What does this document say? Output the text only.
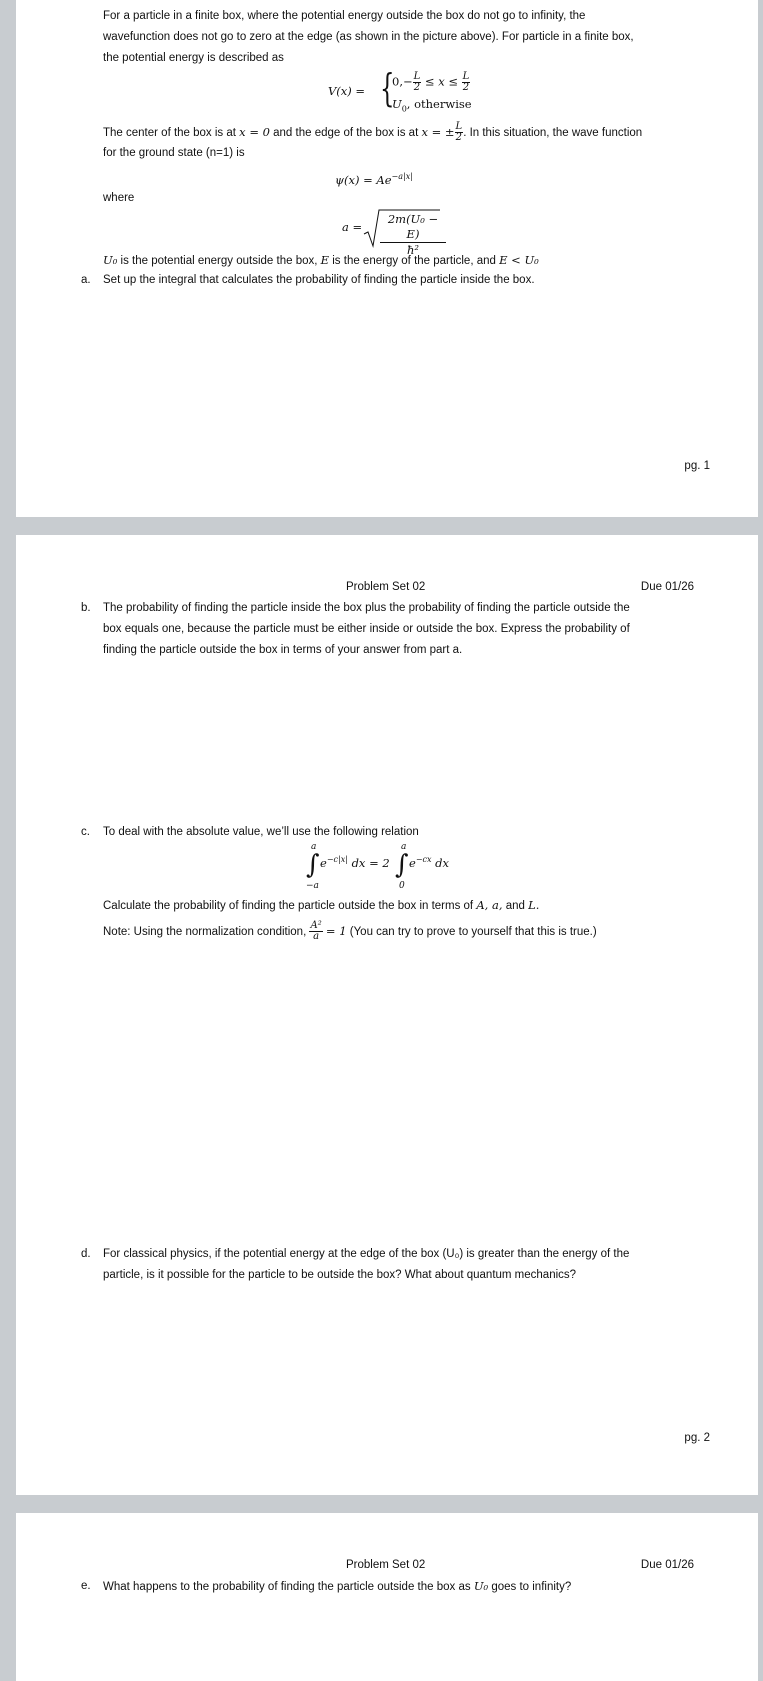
For a particle in a finite box, where the potential energy outside the box do not go to infinity, the
wavefunction does not go to zero at the edge (as shown in the picture above). For particle in a finite box,
the potential energy is described as
V(x) = {
$0,- \frac{L}{2} \le x \le \frac{L}{2}$
$U_0$, otherwise
The center of the box is at x = 0 and the edge of the box is at x = ± $\frac{L}{2}$ . In this situation, the wave function
for the ground state (n=1) is
$\psi(x) = Ae^{-a|x|}$
where
$a = \frac{\text{2m(U₀ − E)}}{\text{ħ²}}$
U₀ is the potential energy outside the box, E is the energy of the particle, and E < U₀
a. Set up the integral that calculates the probability of finding the particle inside the box.
pg. 1
Problem Set 02	Due 01/26
b. The probability of finding the particle inside the box plus the probability of finding the particle outside the
box equals one, because the particle must be either inside or outside the box. Express the probability of
finding the particle outside the box in terms of your answer from part a.
c. To deal with the absolute value, we’ll use the following relation
a
∫
−a
$e^{-c|x|}$ dx = 2
a
∫
0
$e^{-cx}$ dx
Calculate the probability of finding the particle outside the box in terms of A, a, and L.
Note: Using the normalization condition, $\frac{\text{A²}}{a} = 1$ (You can try to prove to yourself that this is true.)
d. For classical physics, if the potential energy at the edge of the box (U₀) is greater than the energy of the
particle, is it possible for the particle to be outside the box? What about quantum mechanics?
pg. 2
Problem Set 02	Due 01/26
e. What happens to the probability of finding the particle outside the box as U₀ goes to infinity?
